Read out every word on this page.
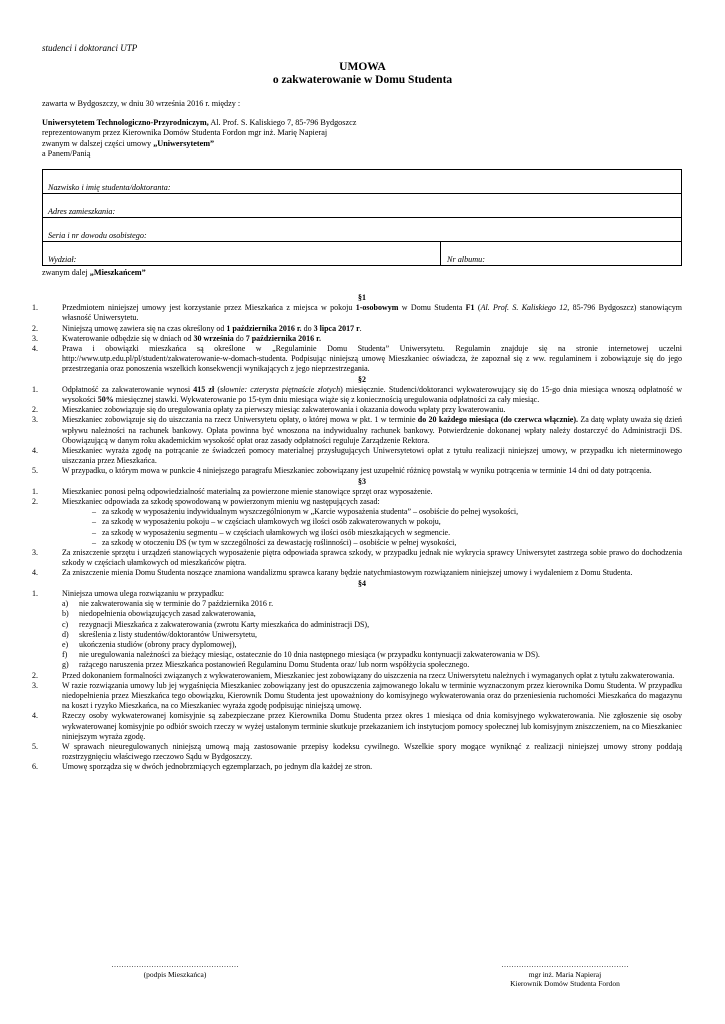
studenci i doktoranci UTP
UMOWA
o zakwaterowanie w Domu Studenta

zawarta w Bydgoszczy, w dniu 30 września 2016 r. między :

Uniwersytetem Technologiczno-Przyrodniczym, Al. Prof. S. Kaliskiego 7, 85-796 Bydgoszcz

reprezentowanym przez Kierownika Domów Studenta Fordon mgr inż. Marię Napieraj

zwanym w dalszej części umowy „Uniwersytetem”

a Panem/Panią

Nazwisko i imię studenta/doktoranta:
Adres zamieszkania:
Seria i nr dowodu osobistego:
Wydział:	Nr albumu:
zwanym dalej „Mieszkańcem”

§1

1.	Przedmiotem niniejszej umowy jest korzystanie przez Mieszkańca z miejsca w pokoju 1-osobowym w Domu Studenta F1 (Al. Prof. S. Kaliskiego 12, 85-796 Bydgoszcz) stanowiącym własność Uniwersytetu.

2.	Niniejszą umowę zawiera się na czas określony od 1 października 2016 r. do 3 lipca 2017 r.

3.	Kwaterowanie odbędzie się w dniach od 30 września do 7 października 2016 r.

4.	Prawa i obowiązki mieszkańca są określone w „Regulaminie Domu Studenta” Uniwersytetu. Regulamin znajduje się na stronie internetowej uczelni http://www.utp.edu.pl/pl/student/zakwaterowanie-w-domach-studenta. Podpisując niniejszą umowę Mieszkaniec oświadcza, że zapoznał się z ww. regulaminem i zobowiązuje się do jego przestrzegania oraz ponoszenia wszelkich konsekwencji wynikających z jego nieprzestrzegania.

§2

1.	Odpłatność za zakwaterowanie wynosi 415 zł (słownie: czterysta piętnaście złotych) miesięcznie. Studenci/doktoranci wykwaterowujący się do 15-go dnia miesiąca wnoszą odpłatność w wysokości 50% miesięcznej stawki. Wykwaterowanie po 15-tym dniu miesiąca wiąże się z koniecznością uregulowania odpłatności za cały miesiąc.

2.	Mieszkaniec zobowiązuje się do uregulowania opłaty za pierwszy miesiąc zakwaterowania i okazania dowodu wpłaty przy kwaterowaniu.

3.	Mieszkaniec zobowiązuje się do uiszczania na rzecz Uniwersytetu opłaty, o której mowa w pkt. 1 w terminie do 20 każdego miesiąca (do czerwca włącznie). Za datę wpłaty uważa się dzień wpływu należności na rachunek bankowy. Opłata powinna być wnoszona na indywidualny rachunek bankowy. Potwierdzenie dokonanej wpłaty należy dostarczyć do Administracji DS. Obowiązującą w danym roku akademickim wysokość opłat oraz zasady odpłatności reguluje Zarządzenie Rektora.

4.	Mieszkaniec wyraża zgodę na potrącanie ze świadczeń pomocy materialnej przysługujących Uniwersytetowi opłat z tytułu realizacji niniejszej umowy, w przypadku ich nieterminowego uiszczania przez Mieszkańca.

5.	W przypadku, o którym mowa w punkcie 4 niniejszego paragrafu Mieszkaniec zobowiązany jest uzupełnić różnicę powstałą w wyniku potrącenia w terminie 14 dni od daty potrącenia.

§3

1.	Mieszkaniec ponosi pełną odpowiedzialność materialną za powierzone mienie stanowiące sprzęt oraz wyposażenie.

2.	Mieszkaniec odpowiada za szkodę spowodowaną w powierzonym mieniu wg następujących zasad:

– za szkodę w wyposażeniu indywidualnym wyszczególnionym w „Karcie wyposażenia studenta” – osobiście do pełnej wysokości,

– za szkodę w wyposażeniu pokoju – w częściach ułamkowych wg ilości osób zakwaterowanych w pokoju,

– za szkodę w wyposażeniu segmentu – w częściach ułamkowych wg ilości osób mieszkających w segmencie.

– za szkodę w otoczeniu DS (w tym w szczególności za dewastację roślinności) – osobiście w pełnej wysokości,

3.	Za zniszczenie sprzętu i urządzeń stanowiących wyposażenie piętra odpowiada sprawca szkody, w przypadku jednak nie wykrycia sprawcy Uniwersytet zastrzega sobie prawo do dochodzenia szkody w częściach ułamkowych od mieszkańców piętra.

4.	Za zniszczenie mienia Domu Studenta noszące znamiona wandalizmu sprawca karany będzie natychmiastowym rozwiązaniem niniejszej umowy i wydaleniem z Domu Studenta.

§4

1.	Niniejsza umowa ulega rozwiązaniu w przypadku:

a) nie zakwaterowania się w terminie do 7 października 2016 r.

b) niedopełnienia obowiązujących zasad zakwaterowania,

c) rezygnacji Mieszkańca z zakwaterowania (zwrotu Karty mieszkańca do administracji DS),

d) skreślenia z listy studentów/doktorantów Uniwersytetu,

e) ukończenia studiów (obrony pracy dyplomowej),

f) nie uregulowania należności za bieżący miesiąc, ostatecznie do 10 dnia następnego miesiąca (w przypadku kontynuacji zakwaterowania w DS).

g) rażącego naruszenia przez Mieszkańca postanowień Regulaminu Domu Studenta oraz/ lub norm współżycia społecznego.

2.	Przed dokonaniem formalności związanych z wykwaterowaniem, Mieszkaniec jest zobowiązany do uiszczenia na rzecz Uniwersytetu należnych i wymaganych opłat z tytułu zakwaterowania.

3.	W razie rozwiązania umowy lub jej wygaśnięcia Mieszkaniec zobowiązany jest do opuszczenia zajmowanego lokalu w terminie wyznaczonym przez kierownika Domu Studenta. W przypadku niedopełnienia przez Mieszkańca tego obowiązku, Kierownik Domu Studenta jest upoważniony do komisyjnego wykwaterowania oraz do przeniesienia ruchomości Mieszkańca do magazynu na koszt i ryzyko Mieszkańca, na co Mieszkaniec wyraża zgodę podpisując niniejszą umowę.

4.	Rzeczy osoby wykwaterowanej komisyjnie są zabezpieczane przez Kierownika Domu Studenta przez okres 1 miesiąca od dnia komisyjnego wykwaterowania. Nie zgłoszenie się osoby wykwaterowanej komisyjnie po odbiór swoich rzeczy w wyżej ustalonym terminie skutkuje przekazaniem ich instytucjom pomocy społecznej lub komisyjnym zniszczeniem, na co Mieszkaniec niniejszym wyraża zgodę.

5.	W sprawach nieuregulowanych niniejszą umową mają zastosowanie przepisy kodeksu cywilnego. Wszelkie spory mogące wyniknąć z realizacji niniejszej umowy strony poddają rozstrzygnięciu właściwego rzeczowo Sądu w Bydgoszczy.

6.	Umowę sporządza się w dwóch jednobrzmiących egzemplarzach, po jednym dla każdej ze stron.

……………………………………………
(podpis Mieszkańca)
……………………………………………
mgr inż. Maria Napieraj
Kierownik Domów Studenta Fordon
